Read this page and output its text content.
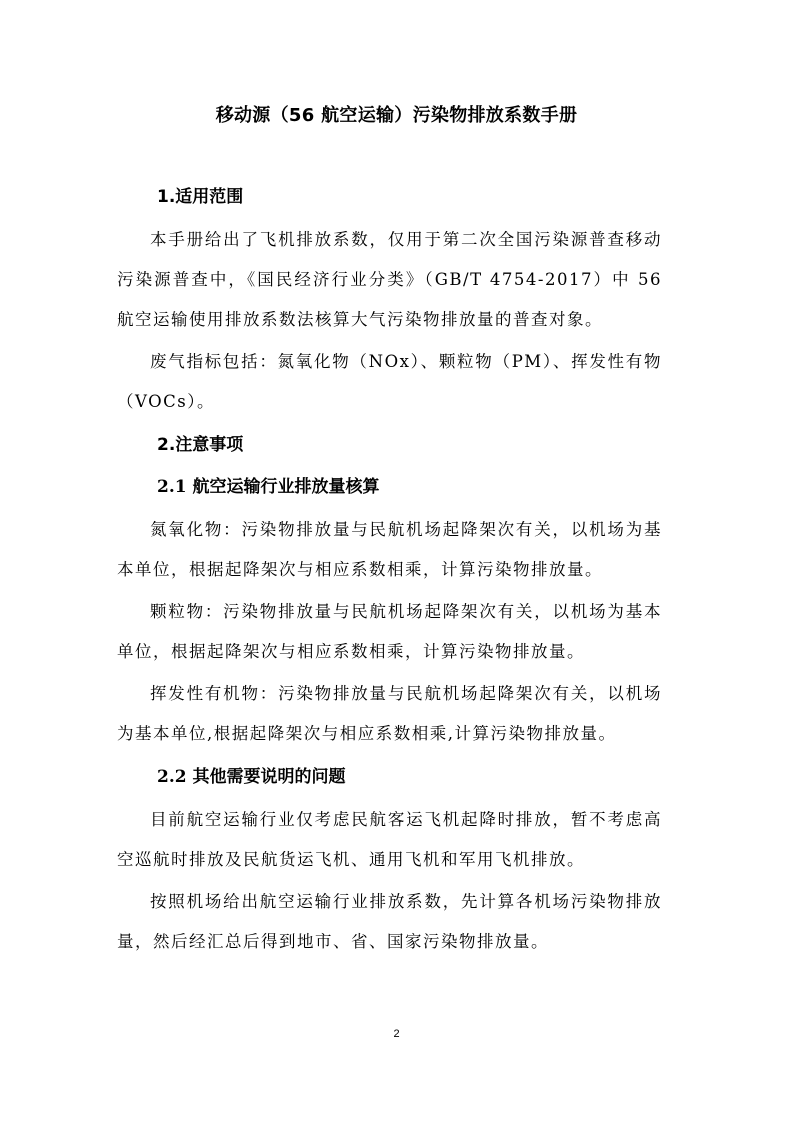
移动源（56 航空运输）污染物排放系数手册
1.适用范围

本手册给出了飞机排放系数，仅用于第二次全国污染源普查移动污染源普查中，《国民经济行业分类》（GB/T 4754-2017）中 56 航空运输使用排放系数法核算大气污染物排放量的普查对象。

废气指标包括：氮氧化物（NOx）、颗粒物（PM）、挥发性有物（VOCs）。

2.注意事项
2.1 航空运输行业排放量核算

氮氧化物：污染物排放量与民航机场起降架次有关，以机场为基本单位，根据起降架次与相应系数相乘，计算污染物排放量。

颗粒物：污染物排放量与民航机场起降架次有关，以机场为基本单位，根据起降架次与相应系数相乘，计算污染物排放量。

挥发性有机物：污染物排放量与民航机场起降架次有关，以机场为基本单位,根据起降架次与相应系数相乘,计算污染物排放量。

2.2 其他需要说明的问题

目前航空运输行业仅考虑民航客运飞机起降时排放，暂不考虑高空巡航时排放及民航货运飞机、通用飞机和军用飞机排放。

按照机场给出航空运输行业排放系数，先计算各机场污染物排放量，然后经汇总后得到地市、省、国家污染物排放量。

2
